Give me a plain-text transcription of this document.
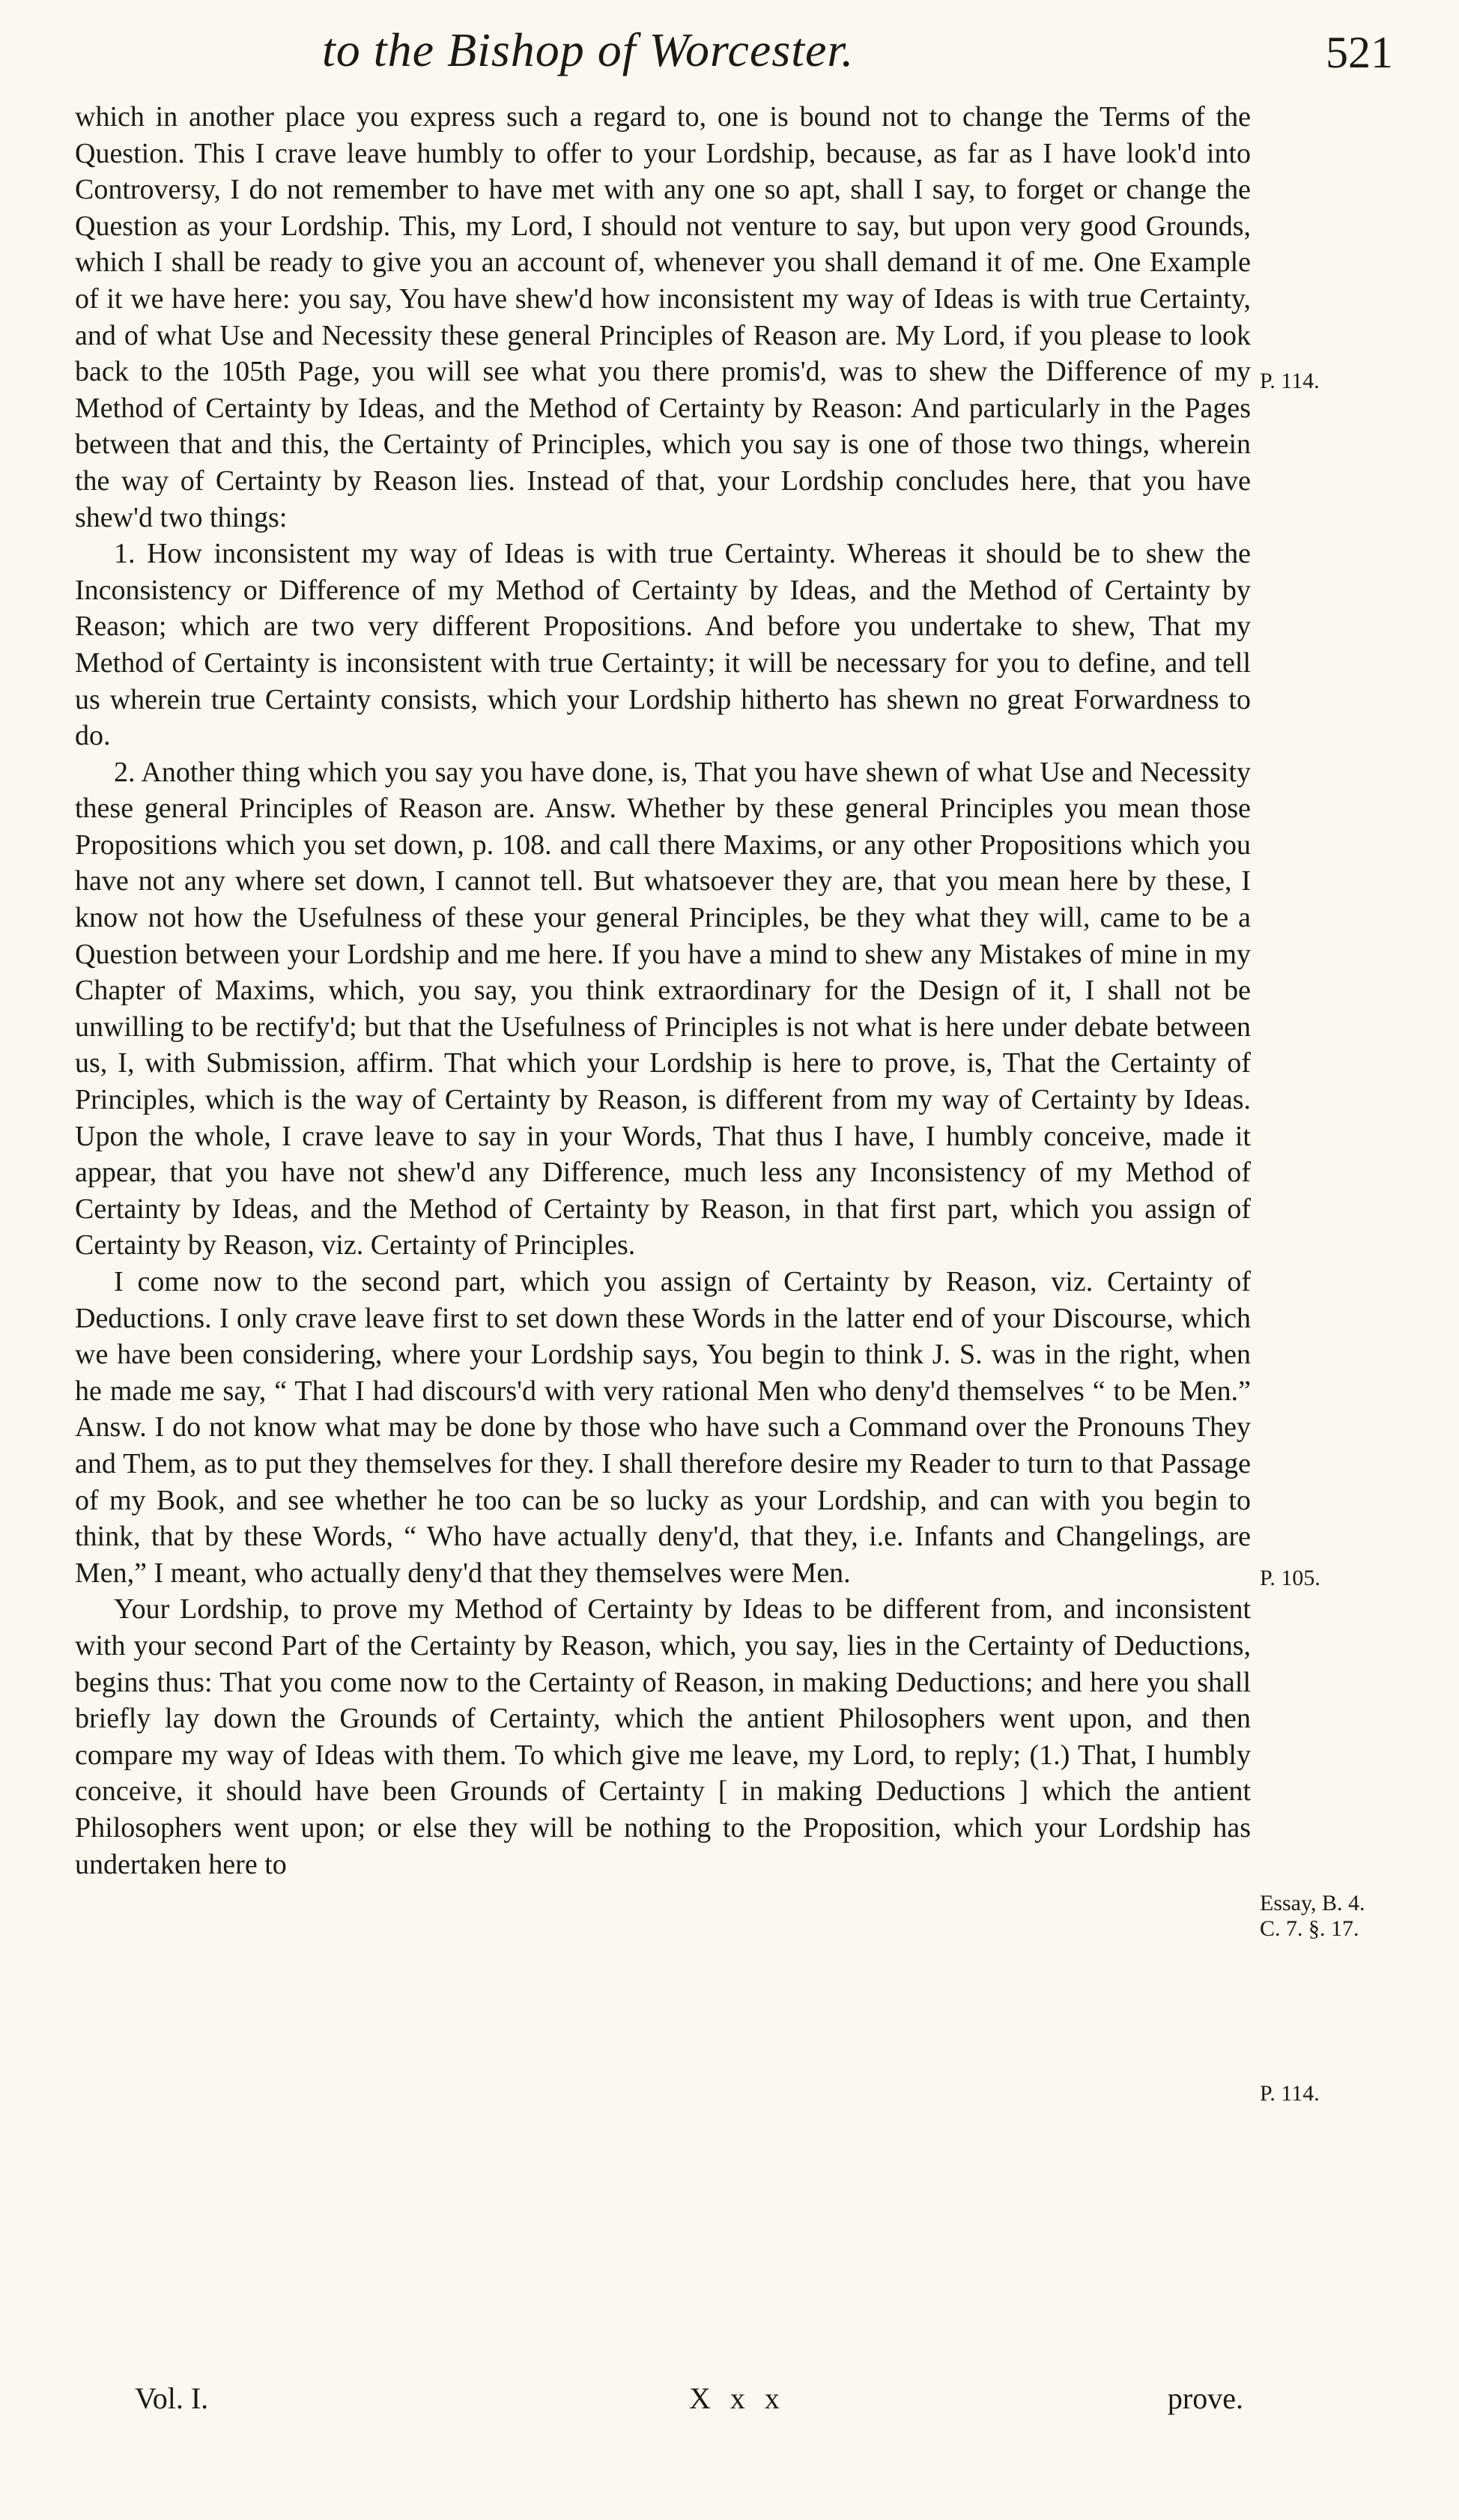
to the Bishop of Worcester.	521

which in another place you express such a regard to, one is bound not to change the Terms of the Question. This I crave leave humbly to offer to your Lordship, because, as far as I have look'd into Controversy, I do not remember to have met with any one so apt, shall I say, to forget or change the Question as your Lordship. This, my Lord, I should not venture to say, but upon very good Grounds, which I shall be ready to give you an account of, whenever you shall demand it of me. One Example of it we have here: you say, You have shew'd how inconsistent my way of Ideas is with true Certainty, and of what Use and Necessity these general Principles of Reason are. My Lord, if you please to look back to the 105th Page, you will see what you there promis'd, was to shew the Difference of my Method of Certainty by Ideas, and the Method of Certainty by Reason: And particularly in the Pages between that and this, the Certainty of Principles, which you say is one of those two things, wherein the way of Certainty by Reason lies. Instead of that, your Lordship concludes here, that you have shew'd two things:

1. How inconsistent my way of Ideas is with true Certainty. Whereas it should be to shew the Inconsistency or Difference of my Method of Certainty by Ideas, and the Method of Certainty by Reason; which are two very different Propositions. And before you undertake to shew, That my Method of Certainty is inconsistent with true Certainty; it will be necessary for you to define, and tell us wherein true Certainty consists, which your Lordship hitherto has shewn no great Forwardness to do.

2. Another thing which you say you have done, is, That you have shewn of what Use and Necessity these general Principles of Reason are. Answ. Whether by these general Principles you mean those Propositions which you set down, p. 108. and call there Maxims, or any other Propositions which you have not any where set down, I cannot tell. But whatsoever they are, that you mean here by these, I know not how the Usefulness of these your general Principles, be they what they will, came to be a Question between your Lordship and me here. If you have a mind to shew any Mistakes of mine in my Chapter of Maxims, which, you say, you think extraordinary for the Design of it, I shall not be unwilling to be rectify'd; but that the Usefulness of Principles is not what is here under debate between us, I, with Submission, affirm. That which your Lordship is here to prove, is, That the Certainty of Principles, which is the way of Certainty by Reason, is different from my way of Certainty by Ideas. Upon the whole, I crave leave to say in your Words, That thus I have, I humbly conceive, made it appear, that you have not shew'd any Difference, much less any Inconsistency of my Method of Certainty by Ideas, and the Method of Certainty by Reason, in that first part, which you assign of Certainty by Reason, viz. Certainty of Principles.

I come now to the second part, which you assign of Certainty by Reason, viz. Certainty of Deductions. I only crave leave first to set down these Words in the latter end of your Discourse, which we have been considering, where your Lordship says, You begin to think J. S. was in the right, when he made me say, “ That I had discours'd with very rational Men who deny'd themselves “ to be Men.” Answ. I do not know what may be done by those who have such a Command over the Pronouns They and Them, as to put they themselves for they. I shall therefore desire my Reader to turn to that Passage of my Book, and see whether he too can be so lucky as your Lordship, and can with you begin to think, that by these Words, “ Who have actually deny'd, that they, i.e. Infants and Changelings, are Men,” I meant, who actually deny'd that they themselves were Men.

Your Lordship, to prove my Method of Certainty by Ideas to be different from, and inconsistent with your second Part of the Certainty by Reason, which, you say, lies in the Certainty of Deductions, begins thus: That you come now to the Certainty of Reason, in making Deductions; and here you shall briefly lay down the Grounds of Certainty, which the antient Philosophers went upon, and then compare my way of Ideas with them. To which give me leave, my Lord, to reply; (1.) That, I humbly conceive, it should have been Grounds of Certainty [ in making Deductions ] which the antient Philosophers went upon; or else they will be nothing to the Proposition, which your Lordship has undertaken here to

P. 114.
P. 105.
Essay, B. 4.
C. 7. §. 17.
P. 114.
Vol. I.	X x x	prove.
